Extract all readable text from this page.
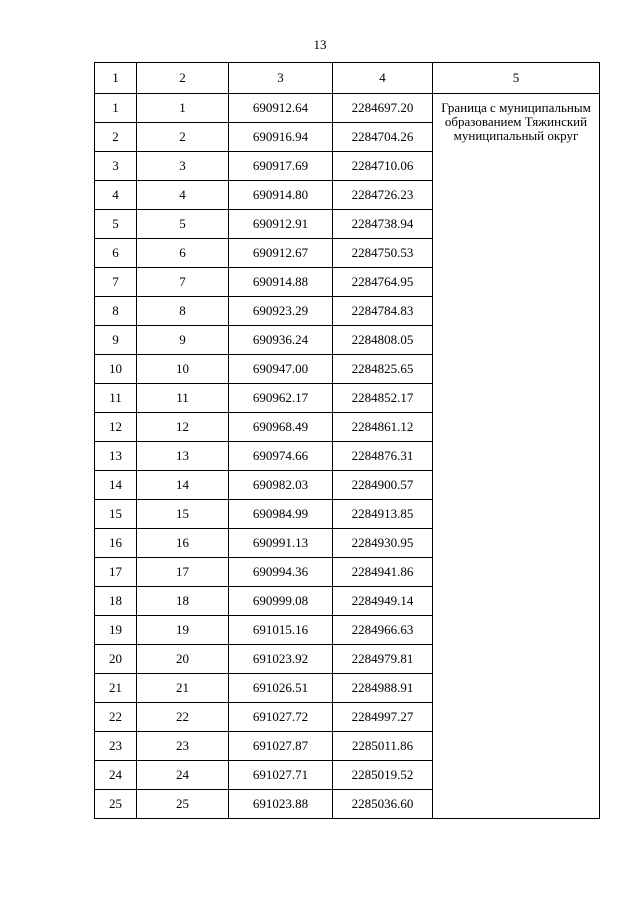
13
1	2	3	4	5
1	1	690912.64	2284697.20	Граница с муниципальным образованием Тяжинский муниципальный округ
2	2	690916.94	2284704.26	
3	3	690917.69	2284710.06	
4	4	690914.80	2284726.23	
5	5	690912.91	2284738.94	
6	6	690912.67	2284750.53	
7	7	690914.88	2284764.95	
8	8	690923.29	2284784.83	
9	9	690936.24	2284808.05	
10	10	690947.00	2284825.65	
11	11	690962.17	2284852.17	
12	12	690968.49	2284861.12	
13	13	690974.66	2284876.31	
14	14	690982.03	2284900.57	
15	15	690984.99	2284913.85	
16	16	690991.13	2284930.95	
17	17	690994.36	2284941.86	
18	18	690999.08	2284949.14	
19	19	691015.16	2284966.63	
20	20	691023.92	2284979.81	
21	21	691026.51	2284988.91	
22	22	691027.72	2284997.27	
23	23	691027.87	2285011.86	
24	24	691027.71	2285019.52	
25	25	691023.88	2285036.60	
